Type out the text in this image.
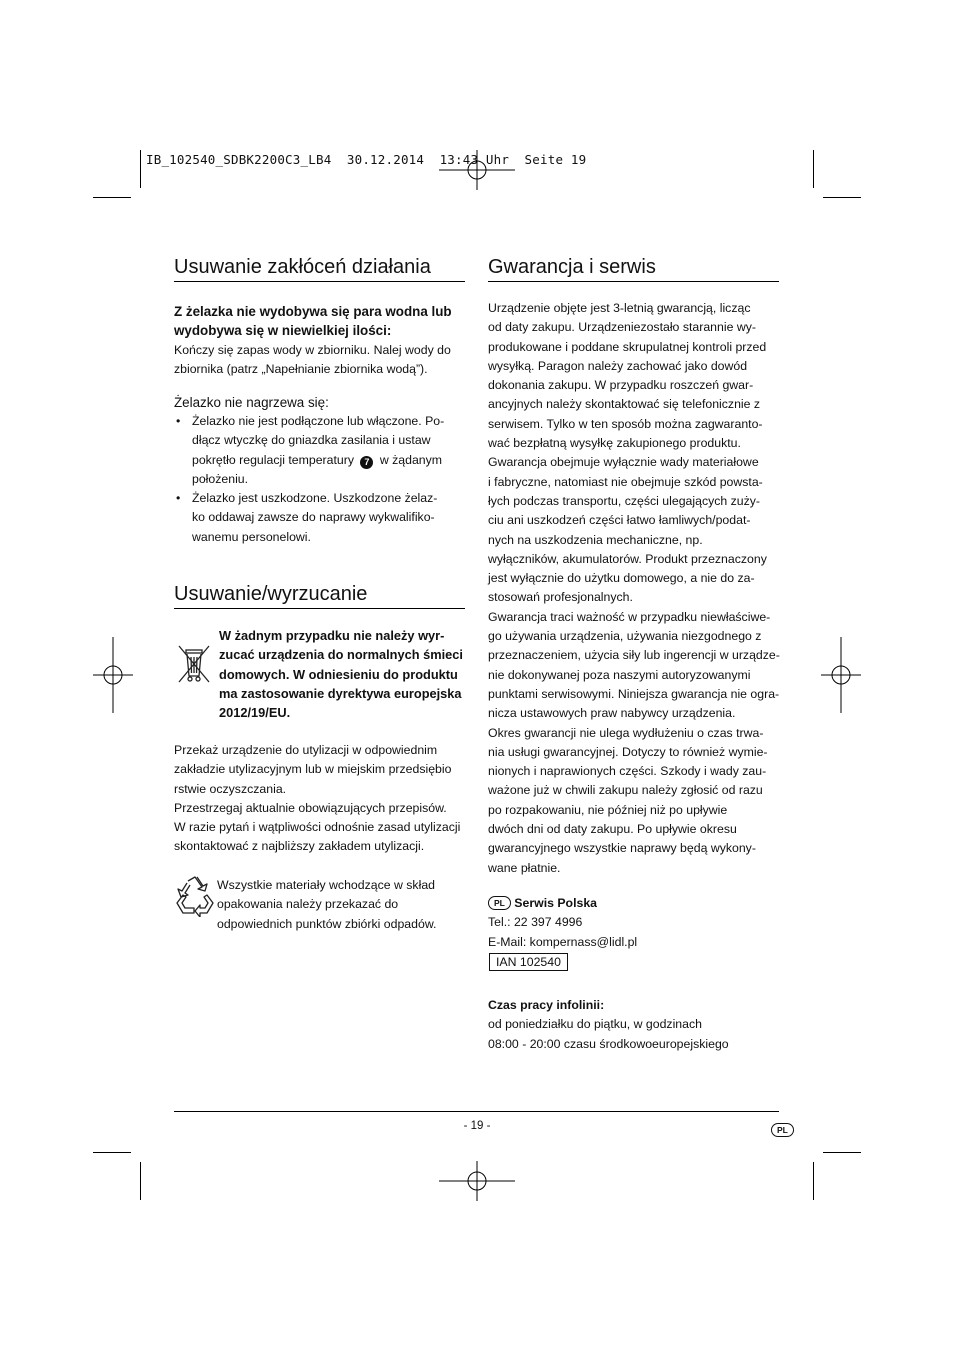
IB_102540_SDBK2200C3_LB4  30.12.2014  13:43 Uhr  Seite 19
Usuwanie zakłóceń działania

Z żelazka nie wydobywa się para wodna lub
wydobywa się w niewielkiej ilości:

Kończy się zapas wody w zbiorniku. Nalej wody do
zbiornika (patrz „Napełnianie zbiornika wodą”).

Żelazko nie nagrzewa się:

• Żelazko nie jest podłączone lub włączone. Po-
dłącz wtyczkę do gniazdka zasilania i ustaw
pokrętło regulacji temperatury 7 w żądanym
położeniu.
• Żelazko jest uszkodzone. Uszkodzone żelaz-
ko oddawaj zawsze do naprawy wykwalifiko-
wanemu personelowi.
Usuwanie/wyrzucanie

W żadnym przypadku nie należy wyr-
zucać urządzenia do normalnych śmieci
domowych. W odniesieniu do produktu
ma zastosowanie dyrektywa europejska
2012/19/EU.

Przekaż urządzenie do utylizacji w odpowiednim
zakładzie utylizacyjnym lub w miejskim przedsiębio
rstwie oczyszczania.
Przestrzegaj aktualnie obowiązujących przepisów.
W razie pytań i wątpliwości odnośnie zasad utylizacji
skontaktować z najbliższy zakładem utylizacji.

Wszystkie materiały wchodzące w skład
opakowania należy przekazać do
odpowiednich punktów zbiórki odpadów.

Gwarancja i serwis

Urządzenie objęte jest 3-letnią gwarancją, licząc
od daty zakupu. Urządzeniezostało starannie wy-
produkowane i poddane skrupulatnej kontroli przed
wysyłką. Paragon należy zachować jako dowód
dokonania zakupu. W przypadku roszczeń gwar-
ancyjnych należy skontaktować się telefonicznie z
serwisem. Tylko w ten sposób można zagwaranto-
wać bezpłatną wysyłkę zakupionego produktu.
Gwarancja obejmuje wyłącznie wady materiałowe
i fabryczne, natomiast nie obejmuje szkód powsta-
łych podczas transportu, części ulegających zuży-
ciu ani uszkodzeń części łatwo łamliwych/podat-
nych na uszkodzenia mechaniczne, np.
wyłączników, akumulatorów. Produkt przeznaczony
jest wyłącznie do użytku domowego, a nie do za-
stosowań profesjonalnych.
Gwarancja traci ważność w przypadku niewłaściwe-
go używania urządzenia, używania niezgodnego z
przeznaczeniem, użycia siły lub ingerencji w urządze-
nie dokonywanej poza naszymi autoryzowanymi
punktami serwisowymi. Niniejsza gwarancja nie ogra-
nicza ustawowych praw nabywcy urządzenia.
Okres gwarancji nie ulega wydłużeniu o czas trwa-
nia usługi gwarancyjnej. Dotyczy to również wymie-
nionych i naprawionych części. Szkody i wady zau-
ważone już w chwili zakupu należy zgłosić od razu
po rozpakowaniu, nie później niż po upływie
dwóch dni od daty zakupu. Po upływie okresu
gwarancyjnego wszystkie naprawy będą wykony-
wane płatnie.

PL Serwis Polska
Tel.: 22 397 4996
E-Mail: kompernass@lidl.pl

IAN 102540

Czas pracy infolinii:
od poniedziałku do piątku, w godzinach
08:00 - 20:00 czasu środkowoeuropejskiego

- 19 -	PL
